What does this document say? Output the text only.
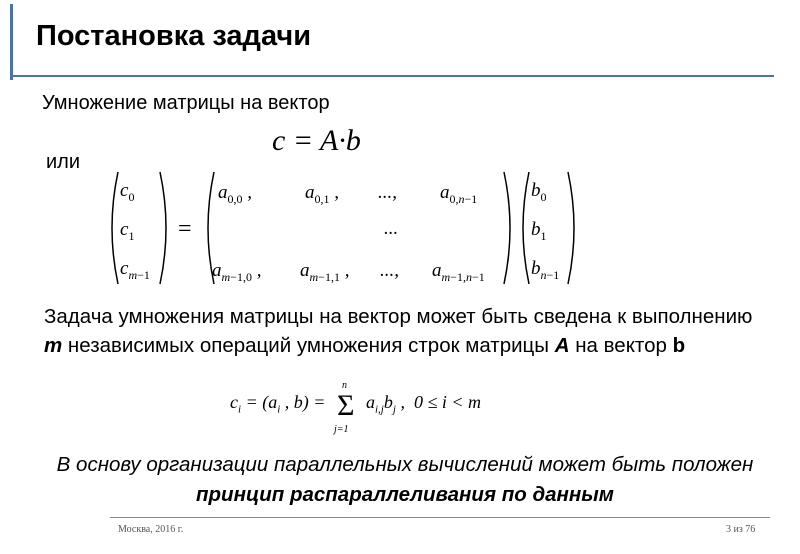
Постановка задачи
Умножение матрицы на вектор
c = A·b
или
$c_0$
$c_1$
$c_{m-1}$
=
$a_{0,0}$ ,	$a_{0,1}$ , ..., $a_{0,n-1}$
...
$a_{m-1,0}$ , $a_{m-1,1}$ , ..., $a_{m-1,n-1}$
$b_0$
$b_1$
$b_{n-1}$
Задача умножения матрицы на вектор может быть сведена к выполнению m независимых операций умножения строк матрицы A на вектор b
$c_i = (a_i$ , b) = Σ
n
j=1
$a_{i,j}b_j$ ,  0 ≤ i < m
В основу организации параллельных вычислений может быть положен принцип распараллеливания по данным
Москва, 2016 г.	3 из 76
